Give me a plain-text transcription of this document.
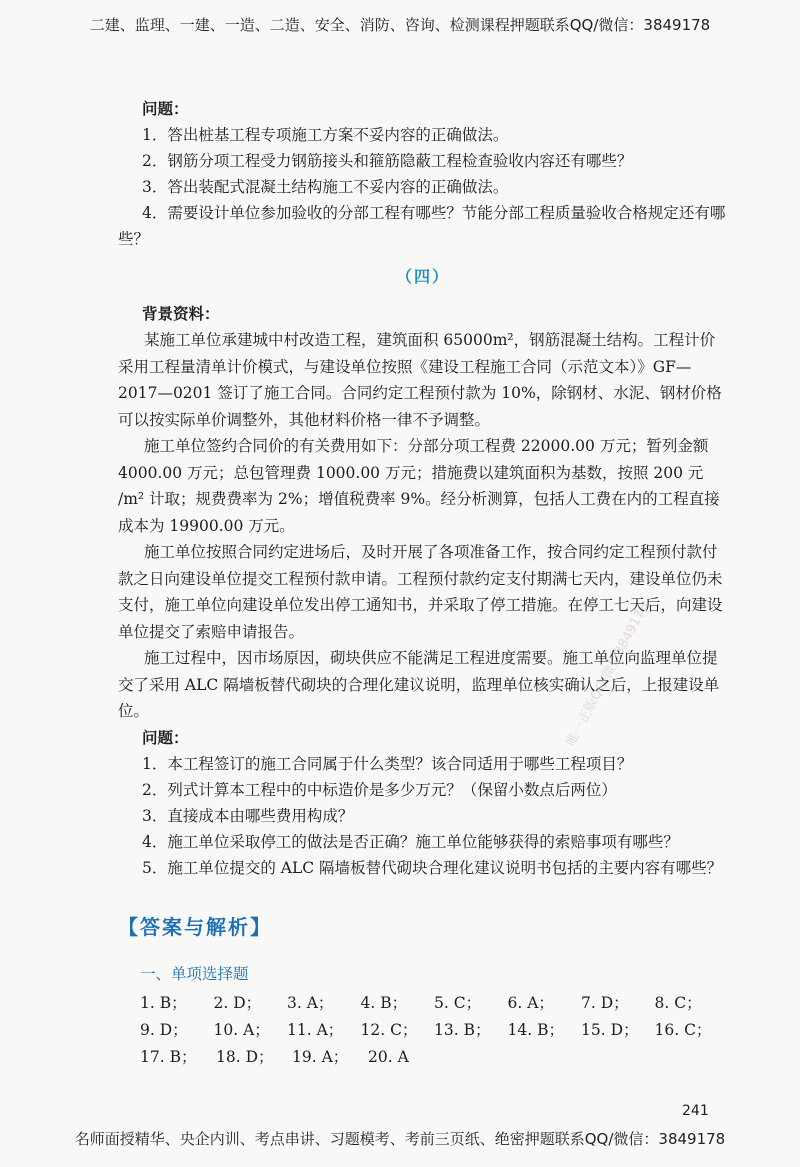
二建、监理、一建、一造、二造、安全、消防、咨询、检测课程押题联系QQ/微信：3849178
唯一正版QQ/微信3849178

问题：

1．答出桩基工程专项施工方案不妥内容的正确做法。

2．钢筋分项工程受力钢筋接头和箍筋隐蔽工程检查验收内容还有哪些？

3．答出装配式混凝土结构施工不妥内容的正确做法。

4．需要设计单位参加验收的分部工程有哪些？节能分部工程质量验收合格规定还有哪些？

（四）

背景资料：

某施工单位承建城中村改造工程，建筑面积 65000m²，钢筋混凝土结构。工程计价采用工程量清单计价模式，与建设单位按照《建设工程施工合同（示范文本）》GF—2017—0201 签订了施工合同。合同约定工程预付款为 10%，除钢材、水泥、钢材价格可以按实际单价调整外，其他材料价格一律不予调整。

施工单位签约合同价的有关费用如下：分部分项工程费 22000.00 万元；暂列金额 4000.00 万元；总包管理费 1000.00 万元；措施费以建筑面积为基数，按照 200 元 /m² 计取；规费费率为 2%；增值税费率 9%。经分析测算，包括人工费在内的工程直接成本为 19900.00 万元。

施工单位按照合同约定进场后，及时开展了各项准备工作，按合同约定工程预付款付款之日向建设单位提交工程预付款申请。工程预付款约定支付期满七天内，建设单位仍未支付，施工单位向建设单位发出停工通知书，并采取了停工措施。在停工七天后，向建设单位提交了索赔申请报告。

施工过程中，因市场原因，砌块供应不能满足工程进度需要。施工单位向监理单位提交了采用 ALC 隔墙板替代砌块的合理化建议说明，监理单位核实确认之后，上报建设单位。

问题：

1．本工程签订的施工合同属于什么类型？该合同适用于哪些工程项目？

2．列式计算本工程中的中标造价是多少万元？（保留小数点后两位）

3．直接成本由哪些费用构成？

4．施工单位采取停工的做法是否正确？施工单位能够获得的索赔事项有哪些？

5．施工单位提交的 ALC 隔墙板替代砌块合理化建议说明书包括的主要内容有哪些？

【答案与解析】
一、单项选择题
1. B；	2. D；	3. A；	4. B；	5. C；	6. A；	7. D；	8. C；
9. D；	10. A；	11. A；	12. C；	13. B；	14. B；	15. D；	16. C；
17. B；	18. D；	19. A；	20. A
241
名师面授精华、央企内训、考点串讲、习题模考、考前三页纸、绝密押题联系QQ/微信：3849178
